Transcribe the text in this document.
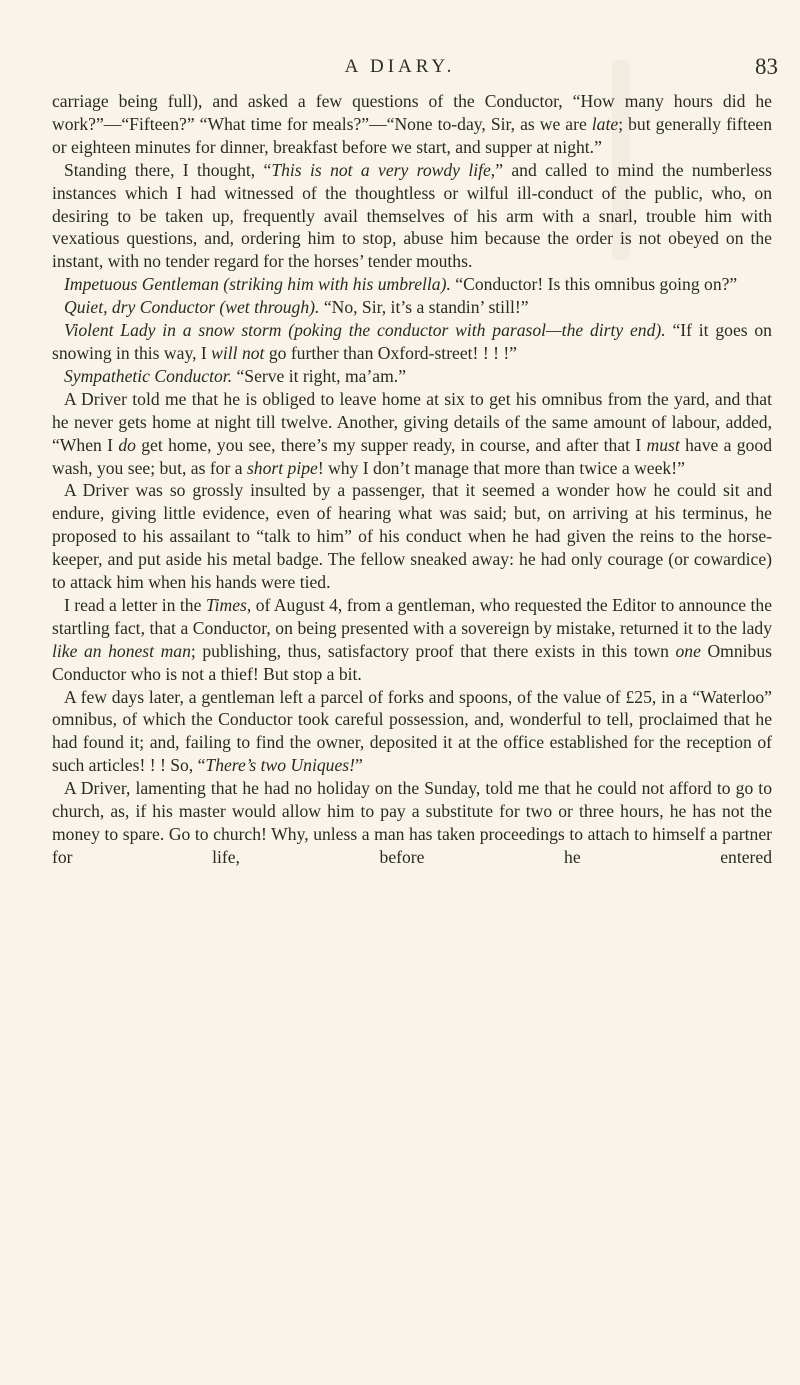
A DIARY.	83

carriage being full), and asked a few questions of the Conductor, “How many hours did he work?”—“Fifteen?” “What time for meals?”—“None to-day, Sir, as we are late; but generally fifteen or eighteen minutes for dinner, breakfast before we start, and supper at night.”

Standing there, I thought, “This is not a very rowdy life,” and called to mind the numberless instances which I had witnessed of the thoughtless or wilful ill-conduct of the public, who, on desiring to be taken up, frequently avail themselves of his arm with a snarl, trouble him with vexatious questions, and, ordering him to stop, abuse him because the order is not obeyed on the instant, with no tender regard for the horses’ tender mouths.

Impetuous Gentleman (striking him with his umbrella). “Conductor! Is this omnibus going on?”

Quiet, dry Conductor (wet through). “No, Sir, it’s a standin’ still!”

Violent Lady in a snow storm (poking the conductor with parasol—the dirty end). “If it goes on snowing in this way, I will not go further than Oxford-street! ! ! !”

Sympathetic Conductor. “Serve it right, ma’am.”

A Driver told me that he is obliged to leave home at six to get his omnibus from the yard, and that he never gets home at night till twelve. Another, giving details of the same amount of labour, added, “When I do get home, you see, there’s my supper ready, in course, and after that I must have a good wash, you see; but, as for a short pipe! why I don’t manage that more than twice a week!”

A Driver was so grossly insulted by a passenger, that it seemed a wonder how he could sit and endure, giving little evidence, even of hearing what was said; but, on arriving at his terminus, he proposed to his assailant to “talk to him” of his conduct when he had given the reins to the horse-keeper, and put aside his metal badge. The fellow sneaked away: he had only courage (or cowardice) to attack him when his hands were tied.

I read a letter in the Times, of August 4, from a gentleman, who requested the Editor to announce the startling fact, that a Conductor, on being presented with a sovereign by mistake, returned it to the lady like an honest man; publishing, thus, satisfactory proof that there exists in this town one Omnibus Conductor who is not a thief! But stop a bit.

A few days later, a gentleman left a parcel of forks and spoons, of the value of £25, in a “Waterloo” omnibus, of which the Conductor took careful possession, and, wonderful to tell, proclaimed that he had found it; and, failing to find the owner, deposited it at the office established for the reception of such articles! ! ! So, “There’s two Uniques!”

A Driver, lamenting that he had no holiday on the Sunday, told me that he could not afford to go to church, as, if his master would allow him to pay a substitute for two or three hours, he has not the money to spare. Go to church! Why, unless a man has taken proceedings to attach to himself a partner for life, before he entered
